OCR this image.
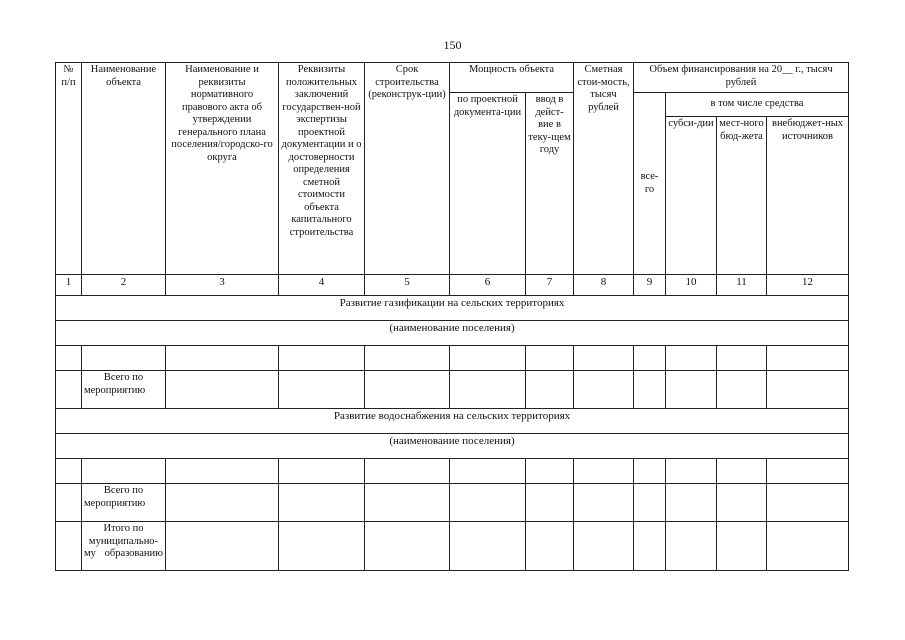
150
№ п/п	Наименование объекта	Наименование и реквизиты нормативного правового акта об утверждении генерального плана поселения/городско-го округа	Реквизиты положительных заключений государствен-ной экспертизы проектной документации и о достоверности определения сметной стоимости объекта капитального строительства	Срок строительства (реконструк-ции)	Мощность объекта		Сметная стои-мость, тысяч рублей	Объем финансирования на 20__ г., тысяч рублей			
					по проектной документа-ции	ввод в дейст-вие в теку-щем году		все-го	в том числе средства		
									субси-дии	мест-ного бюд-жета	внебюджет-ных источников
1	2	3	4	5	6	7	8	9	10	11	12
Развитие газификации на сельских территориях											
(наименование поселения)											

	Всего по мероприятию										
Развитие водоснабжения на сельских территориях											
(наименование поселения)											

	Всего по мероприятию										
	Итого по муниципально-му образованию										
